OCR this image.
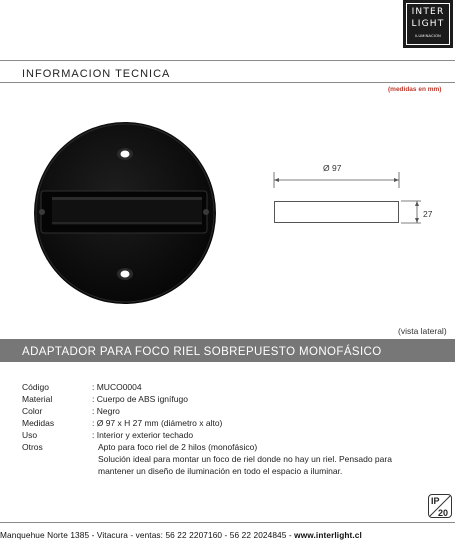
INTER
LIGHT
ILUMINACION
INFORMACION TECNICA
(medidas en mm)
Ø 97
27
(vista lateral)
ADAPTADOR PARA FOCO RIEL SOBREPUESTO MONOFÁSICO
Código	: MUCO0004
Material	: Cuerpo de ABS ignífugo
Color	: Negro
Medidas	: Ø 97 x H 27 mm (diámetro x alto)
Uso	: Interior y exterior techado
Otros	Apto para foco riel de 2 hilos (monofásico)
Solución ideal para montar un foco de riel donde no hay un riel. Pensado para
mantener un diseño de iluminación en todo el espacio a iluminar.
IP
20
Manquehue Norte 1385 - Vitacura - ventas: 56 22 2207160 - 56 22 2024845 - www.interlight.cl
